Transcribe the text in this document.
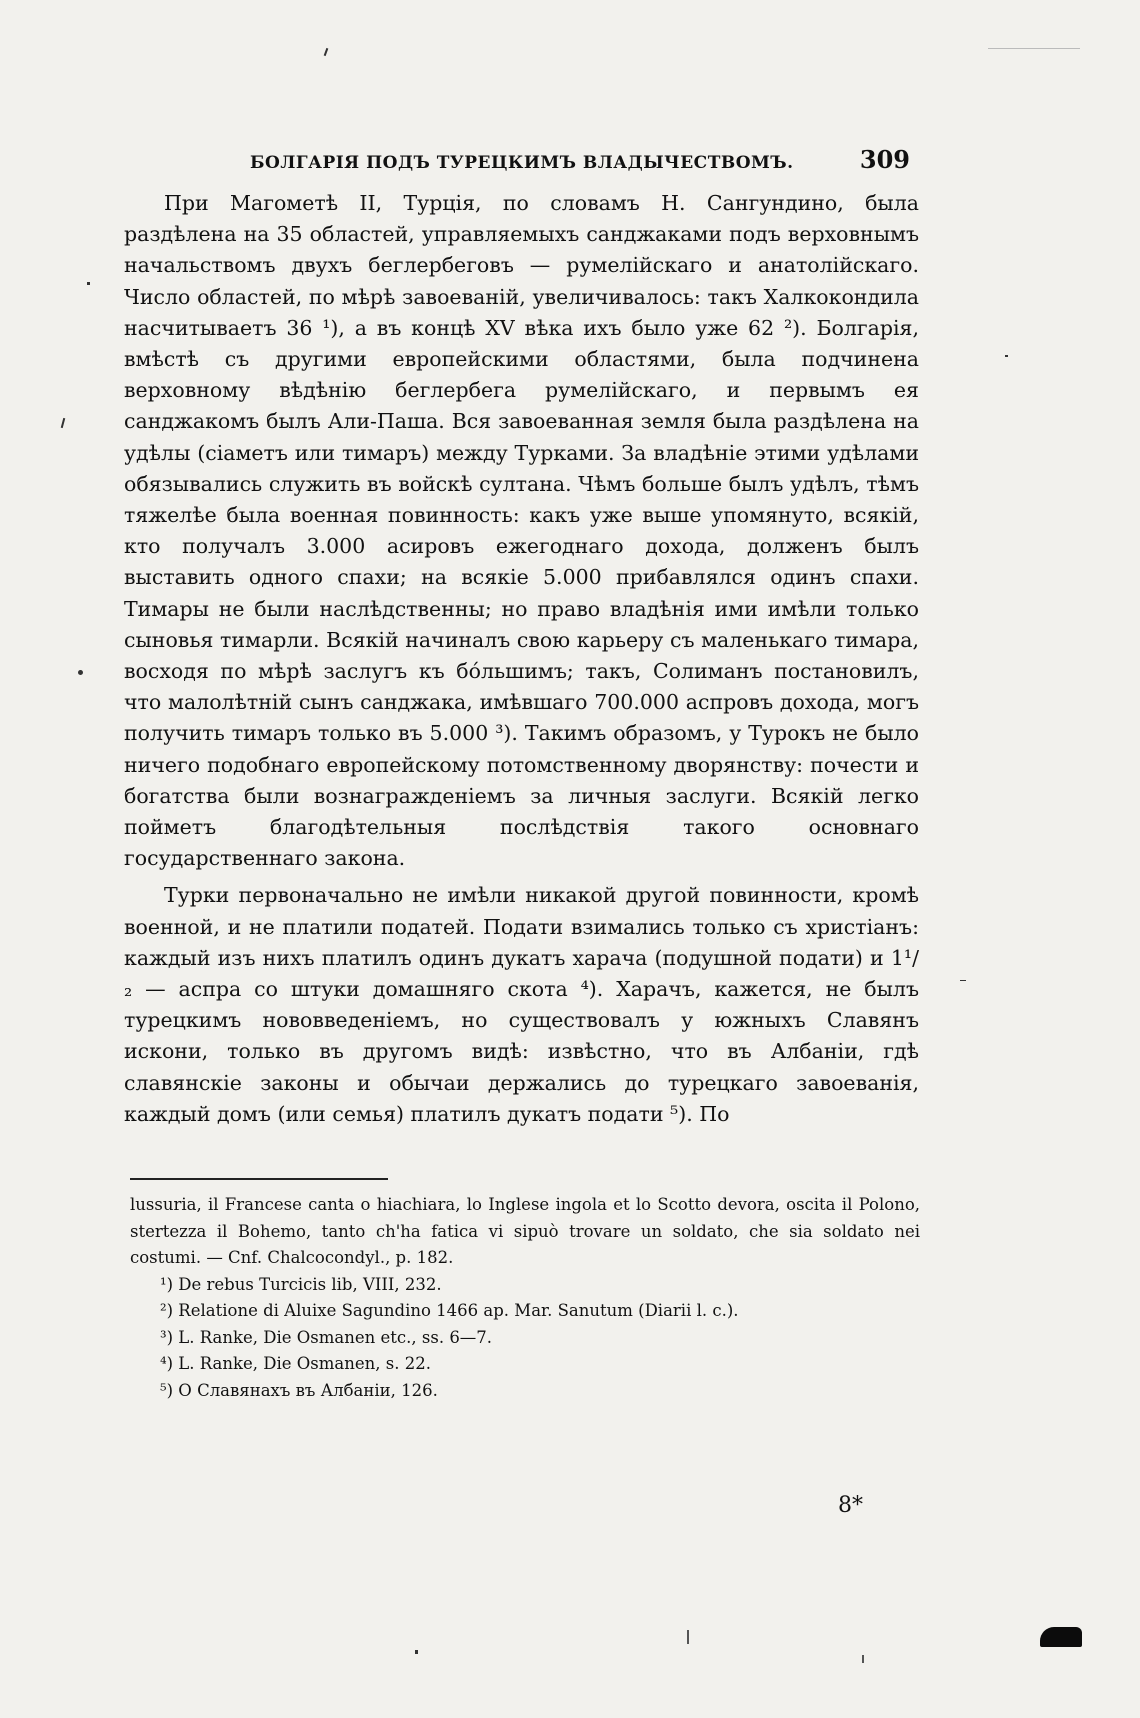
БОЛГАРІЯ ПОДЪ ТУРЕЦКИМЪ ВЛАДЫЧЕСТВОМЪ.	309

При Магометѣ II, Турція, по словамъ Н. Сангундино, была раздѣлена на 35 областей, управляемыхъ санджаками подъ верховнымъ начальствомъ двухъ беглербеговъ — румелійскаго и анатолійскаго. Число областей, по мѣрѣ завоеваній, увеличивалось: такъ Халкокондила насчитываетъ 36 ¹), а въ концѣ XV вѣка ихъ было уже 62 ²). Болгарія, вмѣстѣ съ другими европейскими областями, была подчинена верховному вѣдѣнію беглербега румелійскаго, и первымъ ея санджакомъ былъ Али-Паша. Вся завоеванная земля была раздѣлена на удѣлы (сіаметъ или тимаръ) между Турками. За владѣніе этими удѣлами обязывались служить въ войскѣ султана. Чѣмъ больше былъ удѣлъ, тѣмъ тяжелѣе была военная повинность: какъ уже выше упомянуто, всякій, кто получалъ 3.000 асировъ ежегоднаго дохода, долженъ былъ выставить одного спахи; на всякіе 5.000 прибавлялся одинъ спахи. Тимары не были наслѣдственны; но право владѣнія ими имѣли только сыновья тимарли. Всякій начиналъ свою карьеру съ маленькаго тимара, восходя по мѣрѣ заслугъ къ бо́льшимъ; такъ, Солиманъ постановилъ, что малолѣтній сынъ санджака, имѣвшаго 700.000 аспровъ дохода, могъ получить тимаръ только въ 5.000 ³). Такимъ образомъ, у Турокъ не было ничего подобнаго европейскому потомственному дворянству: почести и богатства были вознагражденіемъ за личныя заслуги. Всякій легко пойметъ благодѣтельныя послѣдствія такого основнаго государственнаго закона.

Турки первоначально не имѣли никакой другой повинности, кромѣ военной, и не платили податей. Подати взимались только съ христіанъ: каждый изъ нихъ платилъ одинъ дукатъ харача (подушной подати) и 1¹/₂ — аспра со штуки домашняго скота ⁴). Харачъ, кажется, не былъ турецкимъ нововведеніемъ, но существовалъ у южныхъ Славянъ искони, только въ другомъ видѣ: извѣстно, что въ Албаніи, гдѣ славянскіе законы и обычаи держались до турецкаго завоеванія, каждый домъ (или семья) платилъ дукатъ подати ⁵). По

lussuria, il Francese canta o hiachiara, lo Inglese ingola et lo Scotto devora, oscita il Polono, stertezza il Bohemo, tanto ch'ha fatica vi sipuò trovare un soldato, che sia soldato nei costumi. — Cnf. Chalcocondyl., p. 182.

¹) De rebus Turcicis lib, VIII, 232.

²) Relatione di Aluixe Sagundino 1466 ap. Mar. Sanutum (Diarii l. c.).

³) L. Ranke, Die Osmanen etc., ss. 6—7.

⁴) L. Ranke, Die Osmanen, s. 22.

⁵) О Славянахъ въ Албаніи, 126.

8*
